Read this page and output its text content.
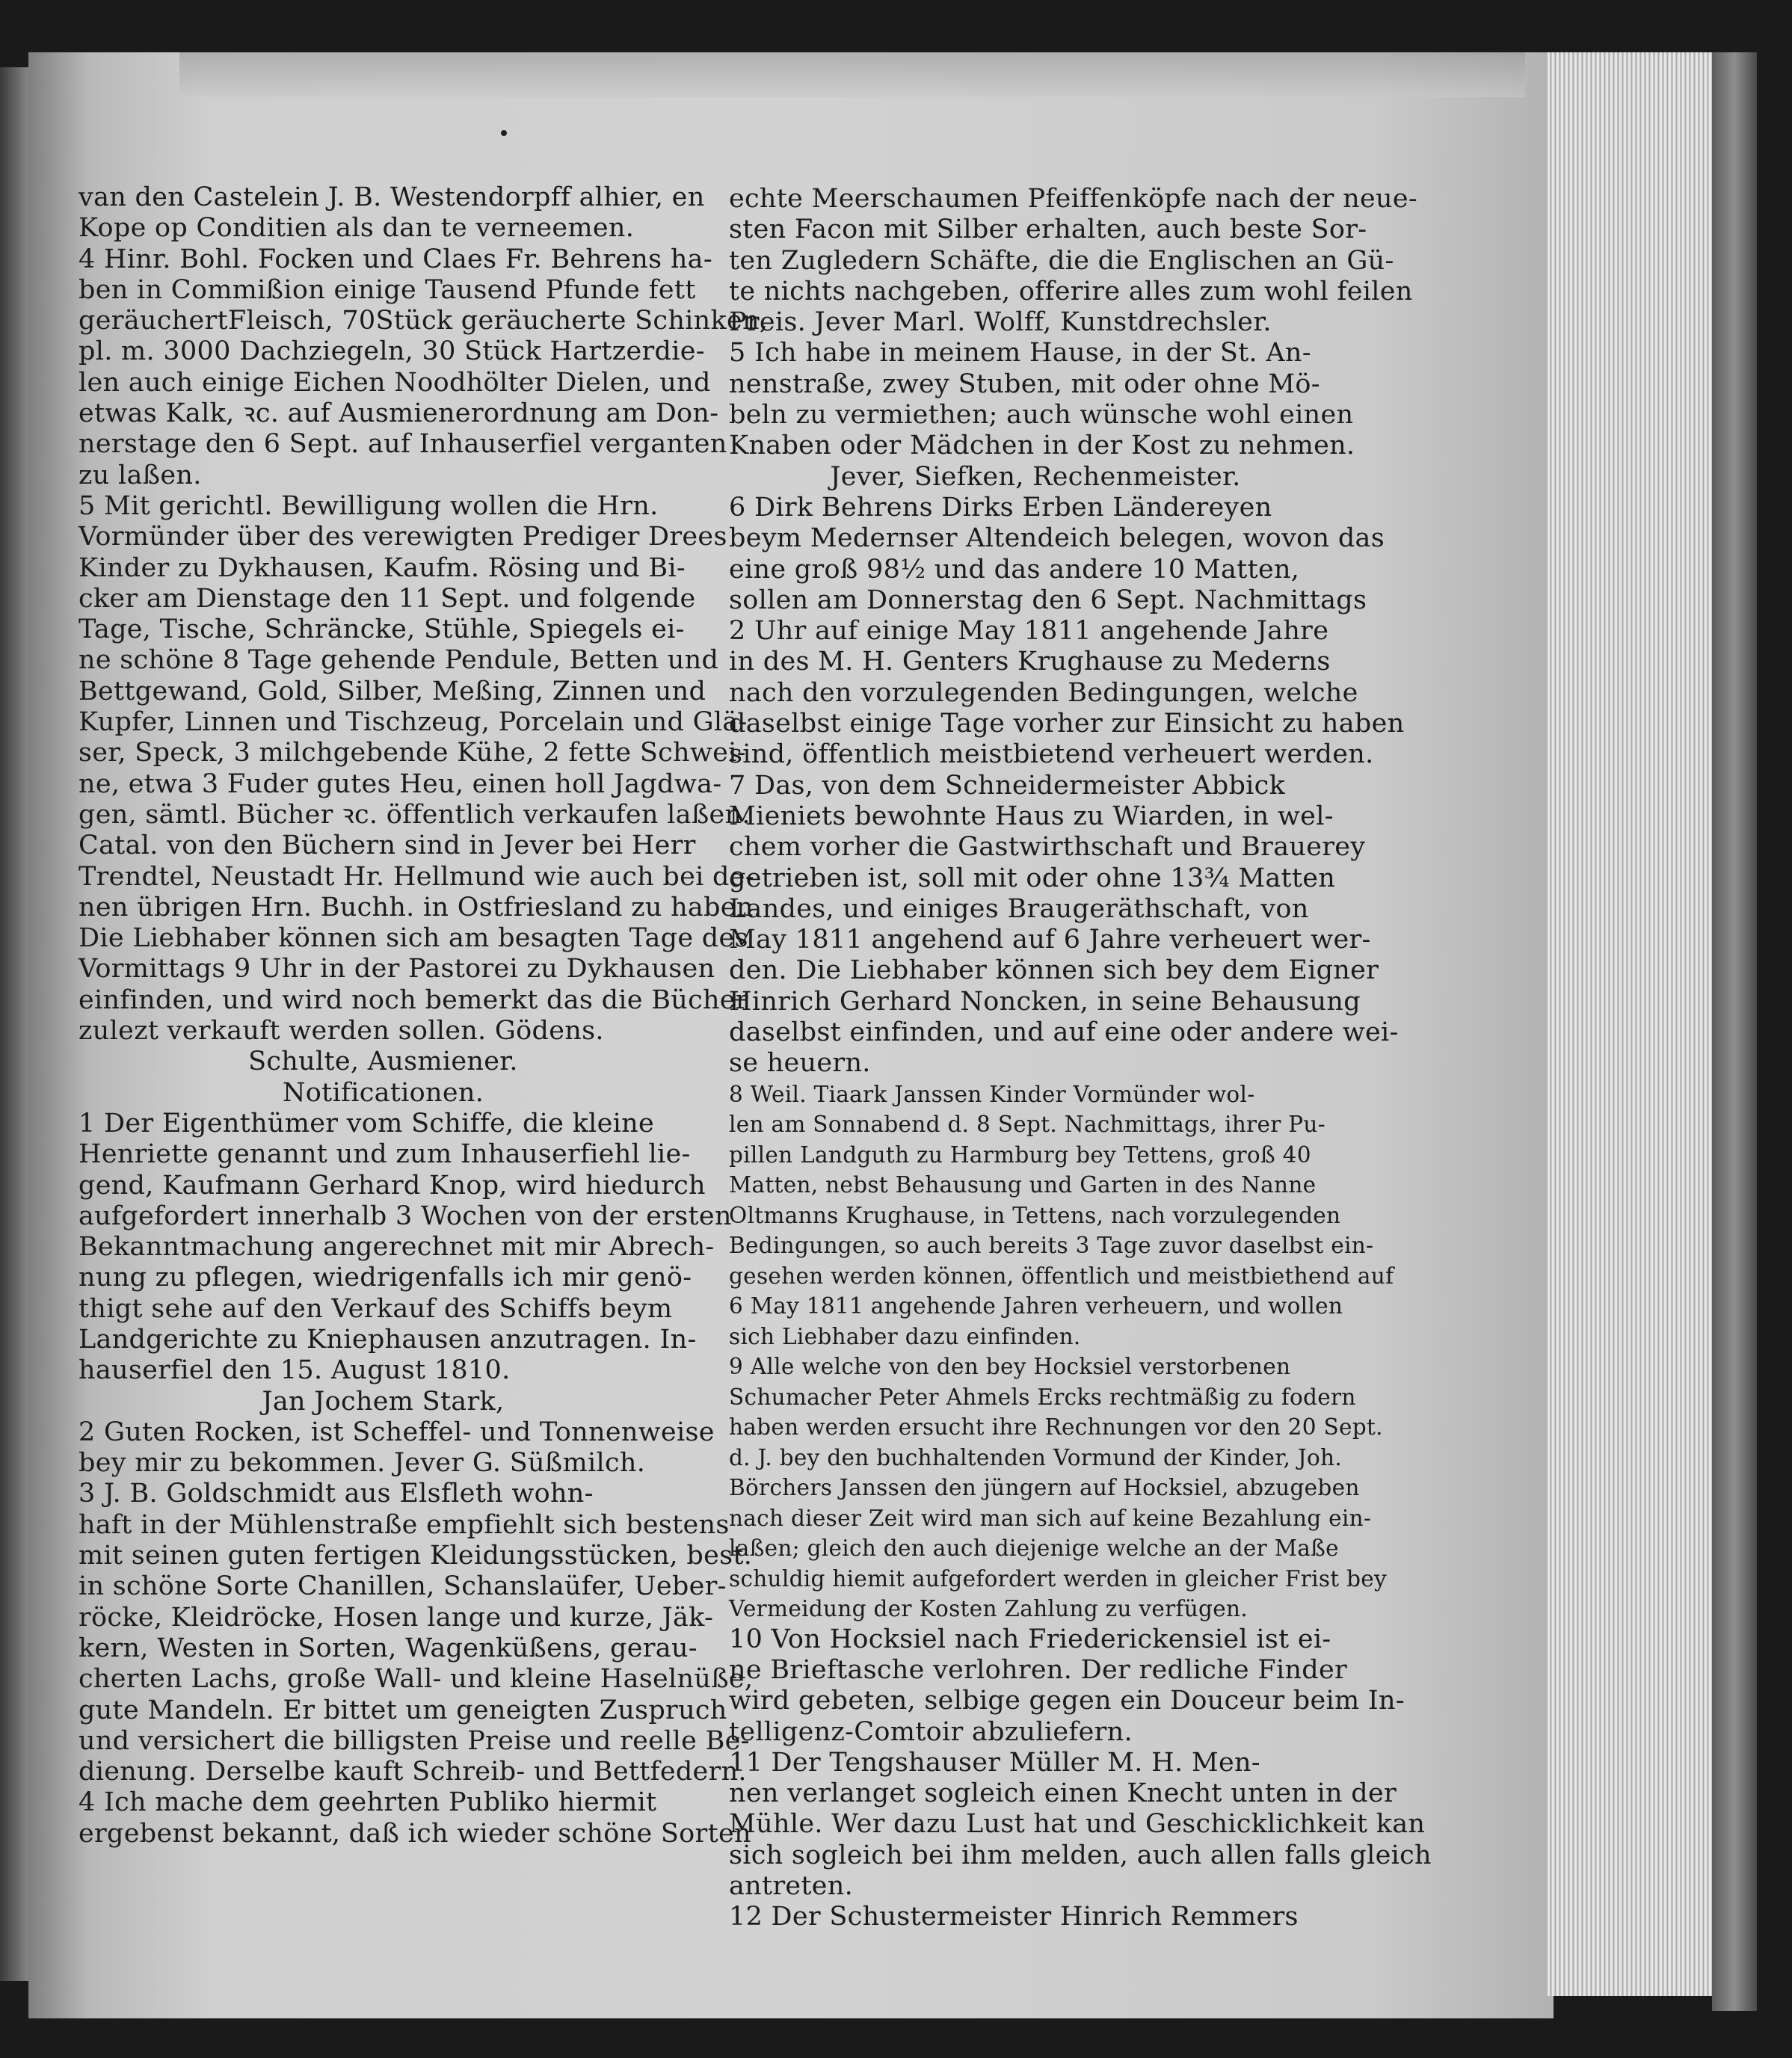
van den Castelein J. B. Westendorpff alhier, en

Kope op Conditien als dan te verneemen.

4 Hinr. Bohl. Focken und Claes Fr. Behrens ha-

ben in Commißion einige Tausend Pfunde fett

geräuchertFleisch, 70Stück geräucherte Schinken,

pl. m. 3000 Dachziegeln, 30 Stück Hartzerdie-

len auch einige Eichen Noodhölter Dielen, und

etwas Kalk, ꝛc. auf Ausmienerordnung am Don-

nerstage den 6 Sept. auf Inhauserfiel verganten

zu laßen.

5 Mit gerichtl. Bewilligung wollen die Hrn.

Vormünder über des verewigten Prediger Drees

Kinder zu Dykhausen, Kaufm. Rösing und Bi-

cker am Dienstage den 11 Sept. und folgende

Tage, Tische, Schräncke, Stühle, Spiegels ei-

ne schöne 8 Tage gehende Pendule, Betten und

Bettgewand, Gold, Silber, Meßing, Zinnen und

Kupfer, Linnen und Tischzeug, Porcelain und Glä-

ser, Speck, 3 milchgebende Kühe, 2 fette Schwei-

ne, etwa 3 Fuder gutes Heu, einen holl Jagdwa-

gen, sämtl. Bücher ꝛc. öffentlich verkaufen laßen.

Catal. von den Büchern sind in Jever bei Herr

Trendtel, Neustadt Hr. Hellmund wie auch bei de-

nen übrigen Hrn. Buchh. in Ostfriesland zu haben.

Die Liebhaber können sich am besagten Tage des

Vormittags 9 Uhr in der Pastorei zu Dykhausen

einfinden, und wird noch bemerkt das die Bücher

zulezt verkauft werden sollen. Gödens.

Schulte, Ausmiener.

Notificationen.

1 Der Eigenthümer vom Schiffe, die kleine

Henriette genannt und zum Inhauserfiehl lie-

gend, Kaufmann Gerhard Knop, wird hiedurch

aufgefordert innerhalb 3 Wochen von der ersten

Bekanntmachung angerechnet mit mir Abrech-

nung zu pflegen, wiedrigenfalls ich mir genö-

thigt sehe auf den Verkauf des Schiffs beym

Landgerichte zu Kniephausen anzutragen. In-

hauserfiel den 15. August 1810.

Jan Jochem Stark,

2 Guten Rocken, ist Scheffel- und Tonnenweise

bey mir zu bekommen. Jever G. Süßmilch.

3 J. B. Goldschmidt aus Elsfleth wohn-

haft in der Mühlenstraße empfiehlt sich bestens

mit seinen guten fertigen Kleidungsstücken, best.

in schöne Sorte Chanillen, Schanslaüfer, Ueber-

röcke, Kleidröcke, Hosen lange und kurze, Jäk-

kern, Westen in Sorten, Wagenküßens, gerau-

cherten Lachs, große Wall- und kleine Haselnüße,

gute Mandeln. Er bittet um geneigten Zuspruch

und versichert die billigsten Preise und reelle Be-

dienung. Derselbe kauft Schreib- und Bettfedern.

4 Ich mache dem geehrten Publiko hiermit

ergebenst bekannt, daß ich wieder schöne Sorten

echte Meerschaumen Pfeiffenköpfe nach der neue-

sten Facon mit Silber erhalten, auch beste Sor-

ten Zugledern Schäfte, die die Englischen an Gü-

te nichts nachgeben, offerire alles zum wohl feilen

Preis. Jever Marl. Wolff, Kunstdrechsler.

5 Ich habe in meinem Hause, in der St. An-

nenstraße, zwey Stuben, mit oder ohne Mö-

beln zu vermiethen; auch wünsche wohl einen

Knaben oder Mädchen in der Kost zu nehmen.

Jever, Siefken, Rechenmeister.

6 Dirk Behrens Dirks Erben Ländereyen

beym Medernser Altendeich belegen, wovon das

eine groß 98½ und das andere 10 Matten,

sollen am Donnerstag den 6 Sept. Nachmittags

2 Uhr auf einige May 1811 angehende Jahre

in des M. H. Genters Krughause zu Mederns

nach den vorzulegenden Bedingungen, welche

daselbst einige Tage vorher zur Einsicht zu haben

sind, öffentlich meistbietend verheuert werden.

7 Das, von dem Schneidermeister Abbick

Mieniets bewohnte Haus zu Wiarden, in wel-

chem vorher die Gastwirthschaft und Brauerey

getrieben ist, soll mit oder ohne 13¾ Matten

Landes, und einiges Braugeräthschaft, von

May 1811 angehend auf 6 Jahre verheuert wer-

den. Die Liebhaber können sich bey dem Eigner

Hinrich Gerhard Noncken, in seine Behausung

daselbst einfinden, und auf eine oder andere wei-

se heuern.

8 Weil. Tiaark Janssen Kinder Vormünder wol-

len am Sonnabend d. 8 Sept. Nachmittags, ihrer Pu-

pillen Landguth zu Harmburg bey Tettens, groß 40

Matten, nebst Behausung und Garten in des Nanne

Oltmanns Krughause, in Tettens, nach vorzulegenden

Bedingungen, so auch bereits 3 Tage zuvor daselbst ein-

gesehen werden können, öffentlich und meistbiethend auf

6 May 1811 angehende Jahren verheuern, und wollen

sich Liebhaber dazu einfinden.

9 Alle welche von den bey Hocksiel verstorbenen

Schumacher Peter Ahmels Ercks rechtmäßig zu fodern

haben werden ersucht ihre Rechnungen vor den 20 Sept.

d. J. bey den buchhaltenden Vormund der Kinder, Joh.

Börchers Janssen den jüngern auf Hocksiel, abzugeben

nach dieser Zeit wird man sich auf keine Bezahlung ein-

laßen; gleich den auch diejenige welche an der Maße

schuldig hiemit aufgefordert werden in gleicher Frist bey

Vermeidung der Kosten Zahlung zu verfügen.

10 Von Hocksiel nach Friederickensiel ist ei-

ne Brieftasche verlohren. Der redliche Finder

wird gebeten, selbige gegen ein Douceur beim In-

telligenz-Comtoir abzuliefern.

11 Der Tengshauser Müller M. H. Men-

nen verlanget sogleich einen Knecht unten in der

Mühle. Wer dazu Lust hat und Geschicklichkeit kan

sich sogleich bei ihm melden, auch allen falls gleich

antreten.

12 Der Schustermeister Hinrich Remmers
